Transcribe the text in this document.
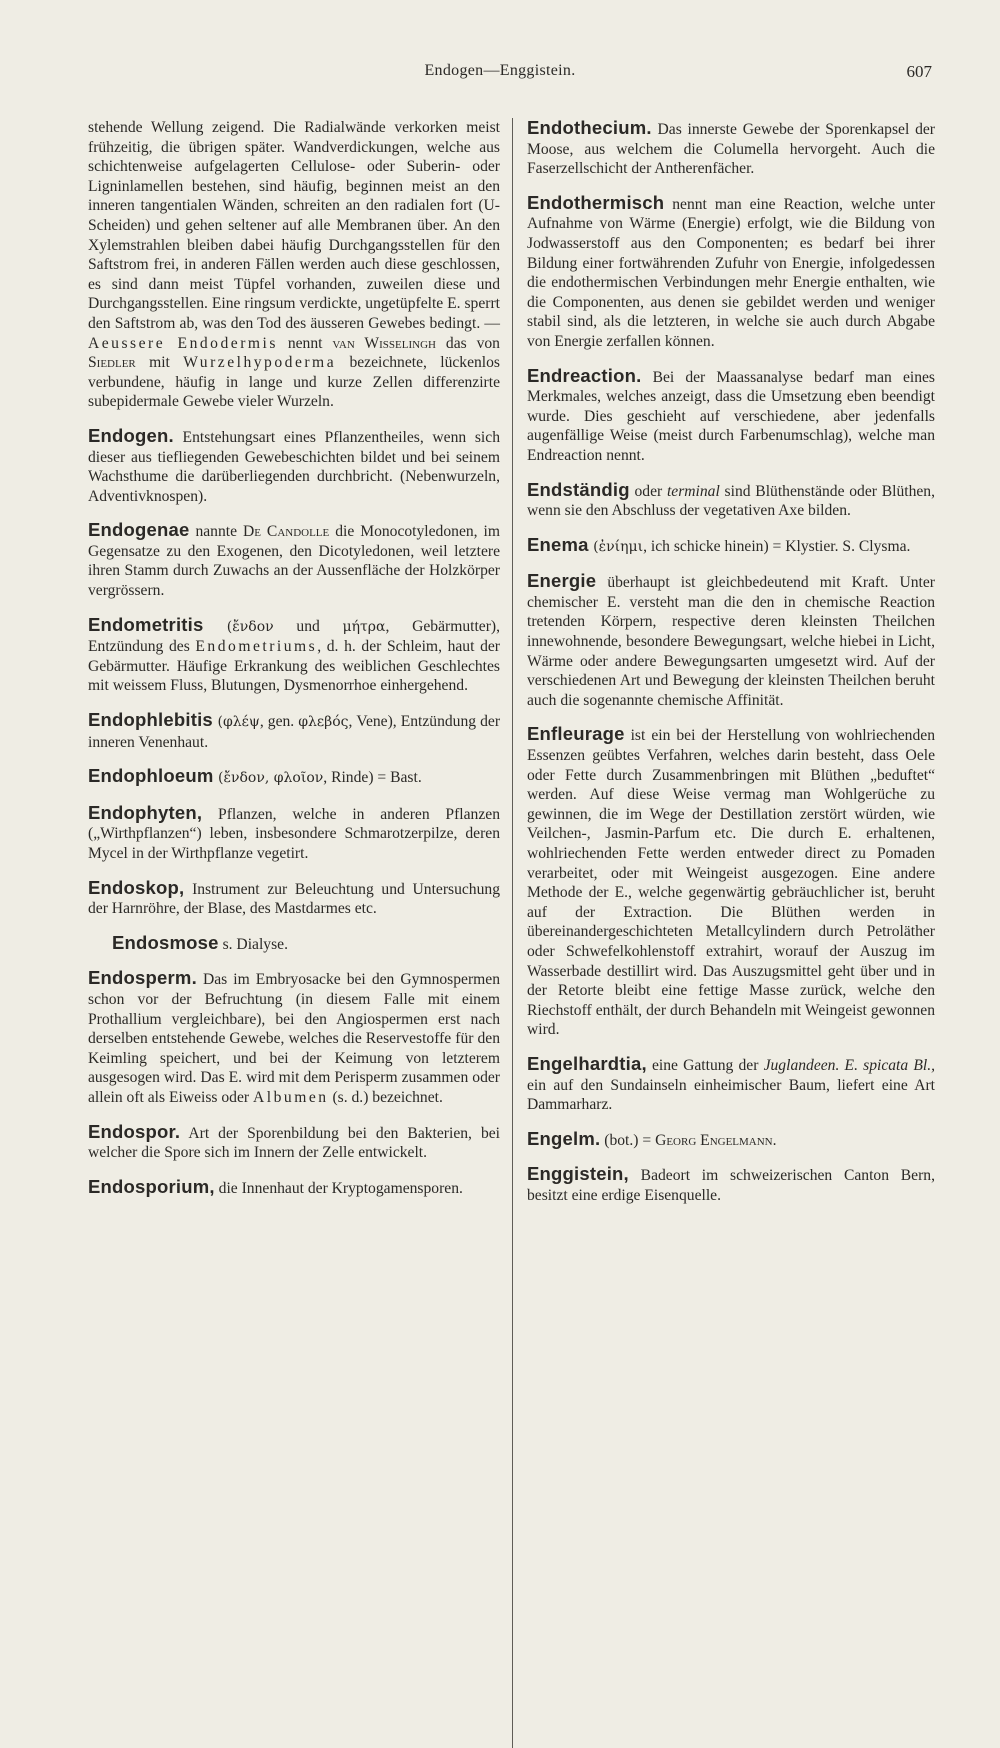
Endogen—Enggistein.	607

stehende Wellung zeigend. Die Radialwände verkorken meist frühzeitig, die übrigen später. Wandverdickungen, welche aus schichtenweise aufgelagerten Cellulose- oder Suberin- oder Ligninlamellen bestehen, sind häufig, beginnen meist an den inneren tangentialen Wänden, schreiten an den radialen fort (U-Scheiden) und gehen seltener auf alle Membranen über. An den Xylemstrahlen bleiben dabei häufig Durchgangsstellen für den Saftstrom frei, in anderen Fällen werden auch diese geschlossen, es sind dann meist Tüpfel vorhanden, zuweilen diese und Durchgangsstellen. Eine ringsum verdickte, ungetüpfelte E. sperrt den Saftstrom ab, was den Tod des äusseren Gewebes bedingt. — Aeussere Endodermis nennt van Wisselingh das von Siedler mit Wurzelhypoderma bezeichnete, lückenlos verbundene, häufig in lange und kurze Zellen differenzirte subepidermale Gewebe vieler Wurzeln.

Endogen. Entstehungsart eines Pflanzentheiles, wenn sich dieser aus tiefliegenden Gewebeschichten bildet und bei seinem Wachsthume die darüberliegenden durchbricht. (Nebenwurzeln, Adventivknospen).

Endogenae nannte De Candolle die Monocotyledonen, im Gegensatze zu den Exogenen, den Dicotyledonen, weil letztere ihren Stamm durch Zuwachs an der Aussenfläche der Holzkörper vergrössern.

Endometritis (ἔνδον und μήτρα, Gebärmutter), Entzündung des Endometriums, d. h. der Schleim, haut der Gebärmutter. Häufige Erkrankung des weiblichen Geschlechtes mit weissem Fluss, Blutungen, Dysmenorrhoe einhergehend.

Endophlebitis (φλέψ, gen. φλεβός, Vene), Entzündung der inneren Venenhaut.

Endophloeum (ἔνδον, φλοῖον, Rinde) = Bast.

Endophyten, Pflanzen, welche in anderen Pflanzen („Wirthpflanzen“) leben, insbesondere Schmarotzerpilze, deren Mycel in der Wirthpflanze vegetirt.

Endoskop, Instrument zur Beleuchtung und Untersuchung der Harnröhre, der Blase, des Mastdarmes etc.

Endosmose s. Dialyse.

Endosperm. Das im Embryosacke bei den Gymnospermen schon vor der Befruchtung (in diesem Falle mit einem Prothallium vergleichbare), bei den Angiospermen erst nach derselben entstehende Gewebe, welches die Reservestoffe für den Keimling speichert, und bei der Keimung von letzterem ausgesogen wird. Das E. wird mit dem Perisperm zusammen oder allein oft als Eiweiss oder Albumen (s. d.) bezeichnet.

Endospor. Art der Sporenbildung bei den Bakterien, bei welcher die Spore sich im Innern der Zelle entwickelt.

Endosporium, die Innenhaut der Kryptogamensporen.

Endothecium. Das innerste Gewebe der Sporenkapsel der Moose, aus welchem die Columella hervorgeht. Auch die Faserzellschicht der Antherenfächer.

Endothermisch nennt man eine Reaction, welche unter Aufnahme von Wärme (Energie) erfolgt, wie die Bildung von Jodwasserstoff aus den Componenten; es bedarf bei ihrer Bildung einer fortwährenden Zufuhr von Energie, infolgedessen die endothermischen Verbindungen mehr Energie enthalten, wie die Componenten, aus denen sie gebildet werden und weniger stabil sind, als die letzteren, in welche sie auch durch Abgabe von Energie zerfallen können.

Endreaction. Bei der Maassanalyse bedarf man eines Merkmales, welches anzeigt, dass die Umsetzung eben beendigt wurde. Dies geschieht auf verschiedene, aber jedenfalls augenfällige Weise (meist durch Farbenumschlag), welche man Endreaction nennt.

Endständig oder terminal sind Blüthenstände oder Blüthen, wenn sie den Abschluss der vegetativen Axe bilden.

Enema (ἐνίημι, ich schicke hinein) = Klystier. S. Clysma.

Energie überhaupt ist gleichbedeutend mit Kraft. Unter chemischer E. versteht man die den in chemische Reaction tretenden Körpern, respective deren kleinsten Theilchen innewohnende, besondere Bewegungsart, welche hiebei in Licht, Wärme oder andere Bewegungsarten umgesetzt wird. Auf der verschiedenen Art und Bewegung der kleinsten Theilchen beruht auch die sogenannte chemische Affinität.

Enfleurage ist ein bei der Herstellung von wohlriechenden Essenzen geübtes Verfahren, welches darin besteht, dass Oele oder Fette durch Zusammenbringen mit Blüthen „beduftet“ werden. Auf diese Weise vermag man Wohlgerüche zu gewinnen, die im Wege der Destillation zerstört würden, wie Veilchen-, Jasmin-Parfum etc. Die durch E. erhaltenen, wohlriechenden Fette werden entweder direct zu Pomaden verarbeitet, oder mit Weingeist ausgezogen. Eine andere Methode der E., welche gegenwärtig gebräuchlicher ist, beruht auf der Extraction. Die Blüthen werden in übereinandergeschichteten Metallcylindern durch Petroläther oder Schwefelkohlenstoff extrahirt, worauf der Auszug im Wasserbade destillirt wird. Das Auszugsmittel geht über und in der Retorte bleibt eine fettige Masse zurück, welche den Riechstoff enthält, der durch Behandeln mit Weingeist gewonnen wird.

Engelhardtia, eine Gattung der Juglandeen. E. spicata Bl., ein auf den Sundainseln einheimischer Baum, liefert eine Art Dammarharz.

Engelm. (bot.) = Georg Engelmann.

Enggistein, Badeort im schweizerischen Canton Bern, besitzt eine erdige Eisenquelle.
